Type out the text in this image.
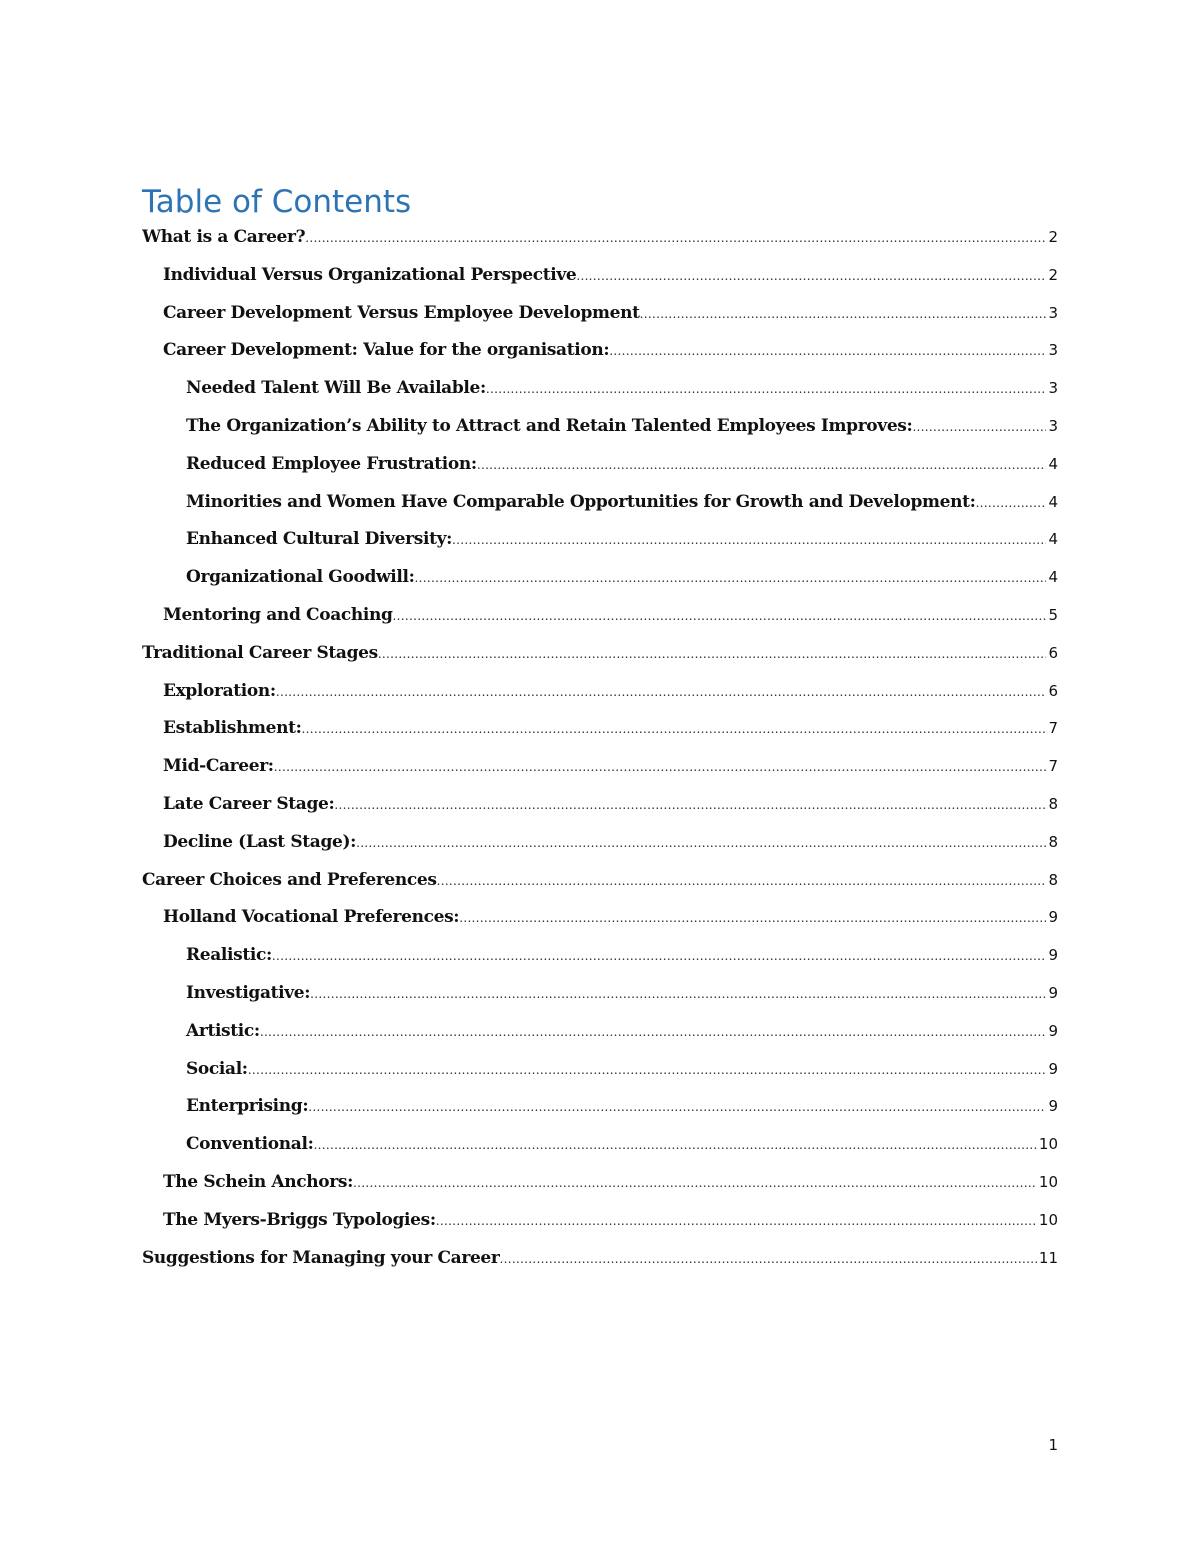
Table of Contents
What is a Career? .....	2
Individual Versus Organizational Perspective .....	2
Career Development Versus Employee Development .....	3
Career Development: Value for the organisation: .....	3
Needed Talent Will Be Available: .....	3
The Organization’s Ability to Attract and Retain Talented Employees Improves: .....	3
Reduced Employee Frustration: .....	4
Minorities and Women Have Comparable Opportunities for Growth and Development: .....	4
Enhanced Cultural Diversity: .....	4
Organizational Goodwill: .....	4
Mentoring and Coaching .....	5
Traditional Career Stages .....	6
Exploration: .....	6
Establishment: .....	7
Mid-Career: .....	7
Late Career Stage: .....	8
Decline (Last Stage): .....	8
Career Choices and Preferences .....	8
Holland Vocational Preferences: .....	9
Realistic: .....	9
Investigative: .....	9
Artistic: .....	9
Social: .....	9
Enterprising: .....	9
Conventional: .....	10
The Schein Anchors: .....	10
The Myers-Briggs Typologies: .....	10
Suggestions for Managing your Career .....	11
1
